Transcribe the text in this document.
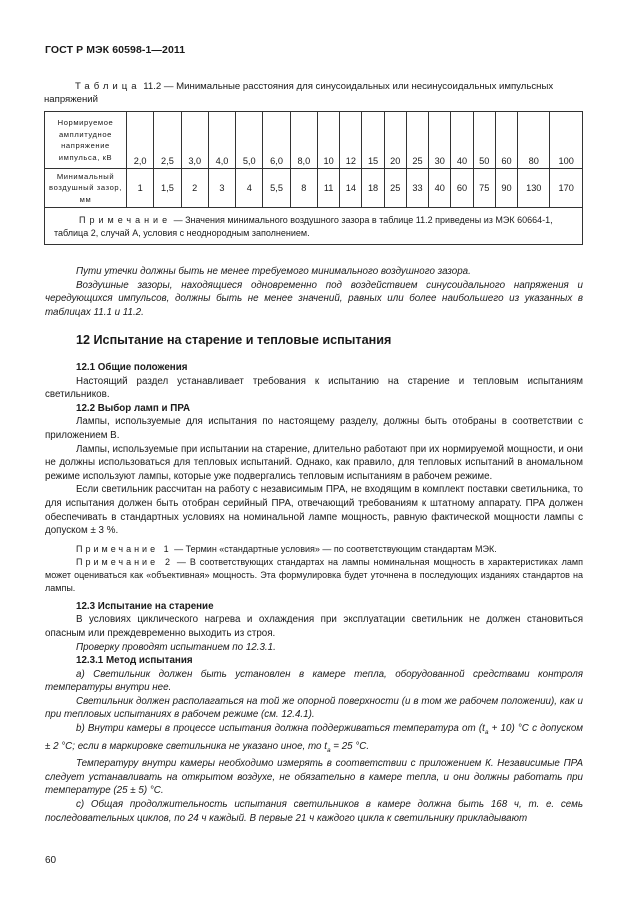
ГОСТ Р МЭК 60598-1—2011
Таблица 11.2 — Минимальные расстояния для синусоидальных или несинусоидальных импульсных
напряжений
Нормируемое амплитудное напряжение импульса, кВ	2,0	2,5	3,0	4,0	5,0	6,0	8,0	10	12	15	20	25	30	40	50	60	80	100
Минимальный воздушный зазор, мм	1	1,5	2	3	4	5,5	8	11	14	18	25	33	40	60	75	90	130	170
Примечание — Значения минимального воздушного зазора в таблице 11.2 приведены из МЭК 60664-1, таблица 2, случай А, условия с неоднородным заполнением.																		

Пути утечки должны быть не менее требуемого минимального воздушного зазора.

Воздушные зазоры, находящиеся одновременно под воздействием синусоидального напряжения и чередующихся импульсов, должны быть не менее значений, равных или более наибольшего из указанных в таблицах 11.1 и 11.2.

12 Испытание на старение и тепловые испытания

12.1 Общие положения

Настоящий раздел устанавливает требования к испытанию на старение и тепловым испытаниям светильников.

12.2 Выбор ламп и ПРА

Лампы, используемые для испытания по настоящему разделу, должны быть отобраны в соответствии с приложением В.

Лампы, используемые при испытании на старение, длительно работают при их нормируемой мощности, и они не должны использоваться для тепловых испытаний. Однако, как правило, для тепловых испытаний в аномальном режиме используют лампы, которые уже подвергались тепловым испытаниям в рабочем режиме.

Если светильник рассчитан на работу с независимым ПРА, не входящим в комплект поставки светильника, то для испытания должен быть отобран серийный ПРА, отвечающий требованиям к штатному аппарату. ПРА должен обеспечивать в стандартных условиях на номинальной лампе мощность, равную фактической мощности лампы с допуском ± 3 %.

Примечание 1 — Термин «стандартные условия» — по соответствующим стандартам МЭК.

Примечание 2 — В соответствующих стандартах на лампы номинальная мощность в характеристиках ламп может оцениваться как «объективная» мощность. Эта формулировка будет уточнена в последующих изданиях стандартов на лампы.

12.3 Испытание на старение

В условиях циклического нагрева и охлаждения при эксплуатации светильник не должен становиться опасным или преждевременно выходить из строя.

Проверку проводят испытанием по 12.3.1.

12.3.1 Метод испытания

a) Светильник должен быть установлен в камере тепла, оборудованной средствами контроля температуры внутри нее.

Светильник должен располагаться на той же опорной поверхности (и в том же рабочем положении), как и при тепловых испытаниях в рабочем режиме (см. 12.4.1).

b) Внутри камеры в процессе испытания должна поддерживаться температура от $(t_a + 10)$ °С с допуском ± 2 °С; если в маркировке светильника не указано иное, то $t_a = 25$ °С.

Температуру внутри камеры необходимо измерять в соответствии с приложением К. Независимые ПРА следует устанавливать на открытом воздухе, не обязательно в камере тепла, и они должны работать при температуре (25 ± 5) °С.

c) Общая продолжительность испытания светильников в камере должна быть 168 ч, т. е. семь последовательных циклов, по 24 ч каждый. В первые 21 ч каждого цикла к светильнику прикладывают

60
